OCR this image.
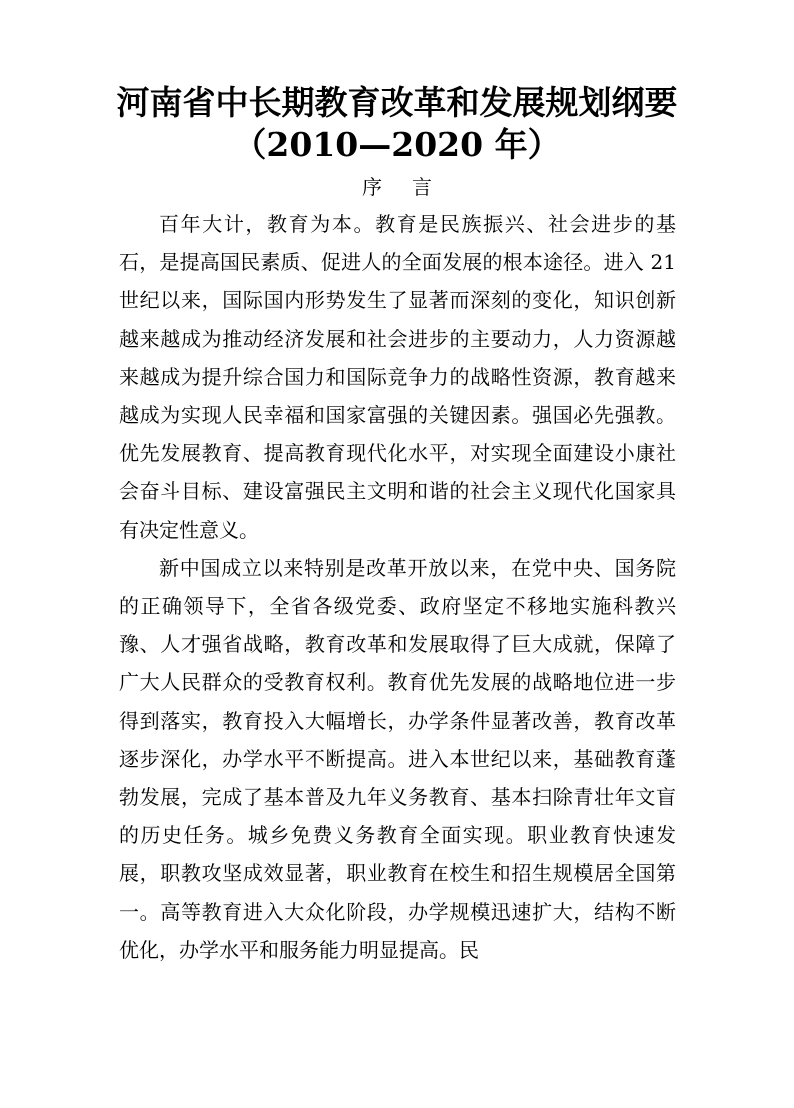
河南省中长期教育改革和发展规划纲要
（2010—2020 年）
序言

百年大计，教育为本。教育是民族振兴、社会进步的基石，是提高国民素质、促进人的全面发展的根本途径。进入 21 世纪以来，国际国内形势发生了显著而深刻的变化，知识创新越来越成为推动经济发展和社会进步的主要动力，人力资源越来越成为提升综合国力和国际竞争力的战略性资源，教育越来越成为实现人民幸福和国家富强的关键因素。强国必先强教。优先发展教育、提高教育现代化水平，对实现全面建设小康社会奋斗目标、建设富强民主文明和谐的社会主义现代化国家具有决定性意义。

新中国成立以来特别是改革开放以来，在党中央、国务院的正确领导下，全省各级党委、政府坚定不移地实施科教兴豫、人才强省战略，教育改革和发展取得了巨大成就，保障了广大人民群众的受教育权利。教育优先发展的战略地位进一步得到落实，教育投入大幅增长，办学条件显著改善，教育改革逐步深化，办学水平不断提高。进入本世纪以来，基础教育蓬勃发展，完成了基本普及九年义务教育、基本扫除青壮年文盲的历史任务。城乡免费义务教育全面实现。职业教育快速发展，职教攻坚成效显著，职业教育在校生和招生规模居全国第一。高等教育进入大众化阶段，办学规模迅速扩大，结构不断优化，办学水平和服务能力明显提高。民
